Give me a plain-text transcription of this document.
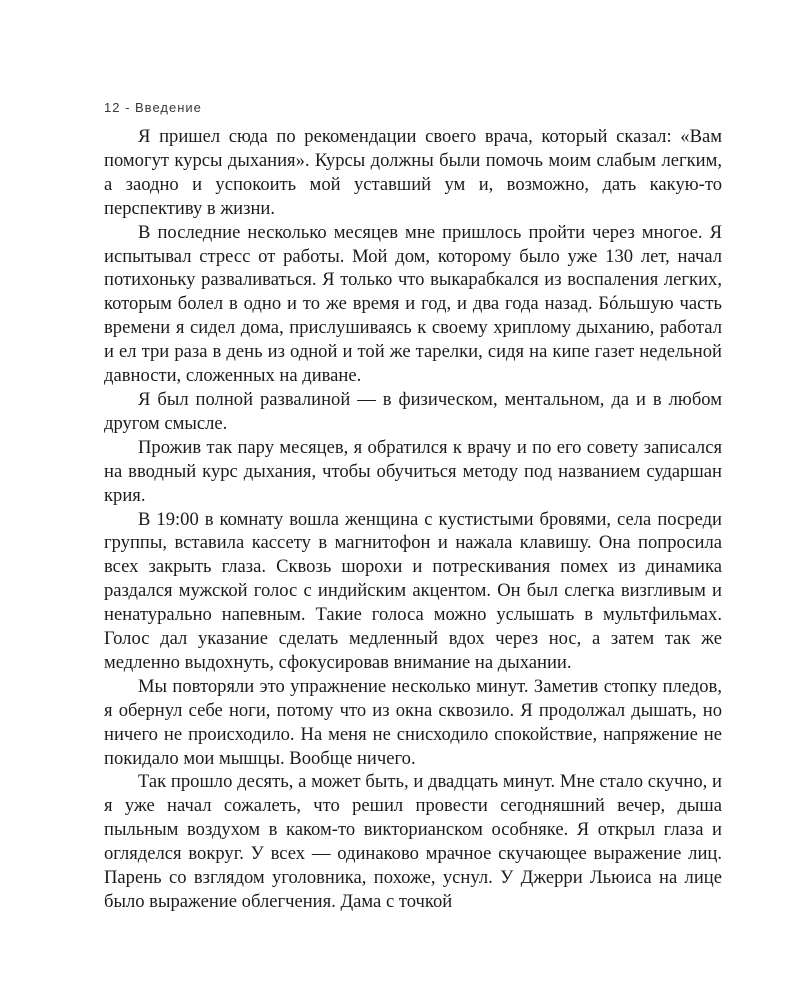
12 - Введение

Я пришел сюда по рекомендации своего врача, который сказал: «Вам помогут курсы дыхания». Курсы должны были помочь моим слабым легким, а заодно и успокоить мой уставший ум и, возможно, дать какую-то перспективу в жизни.

В последние несколько месяцев мне пришлось пройти через многое. Я испытывал стресс от работы. Мой дом, которому было уже 130 лет, начал потихоньку разваливаться. Я только что выкарабкался из воспаления легких, которым болел в одно и то же время и год, и два года назад. Бóльшую часть времени я сидел дома, прислушиваясь к своему хриплому дыханию, работал и ел три раза в день из одной и той же тарелки, сидя на кипе газет недельной давности, сложенных на диване.

Я был полной развалиной — в физическом, ментальном, да и в любом другом смысле.

Прожив так пару месяцев, я обратился к врачу и по его совету записался на вводный курс дыхания, чтобы обучиться методу под названием сударшан крия.

В 19:00 в комнату вошла женщина с кустистыми бровями, села посреди группы, вставила кассету в магнитофон и нажала клавишу. Она попросила всех закрыть глаза. Сквозь шорохи и потрескивания помех из динамика раздался мужской голос с индийским акцентом. Он был слегка визгливым и ненатурально напевным. Такие голоса можно услышать в мультфильмах. Голос дал указание сделать медленный вдох через нос, а затем так же медленно выдохнуть, сфокусировав внимание на дыхании.

Мы повторяли это упражнение несколько минут. Заметив стопку пледов, я обернул себе ноги, потому что из окна сквозило. Я продолжал дышать, но ничего не происходило. На меня не снисходило спокойствие, напряжение не покидало мои мышцы. Вообще ничего.

Так прошло десять, а может быть, и двадцать минут. Мне стало скучно, и я уже начал сожалеть, что решил провести сегодняшний вечер, дыша пыльным воздухом в каком-то викторианском особняке. Я открыл глаза и огляделся вокруг. У всех — одинаково мрачное скучающее выражение лиц. Парень со взглядом уголовника, похоже, уснул. У Джерри Льюиса на лице было выражение облегчения. Дама с точкой
